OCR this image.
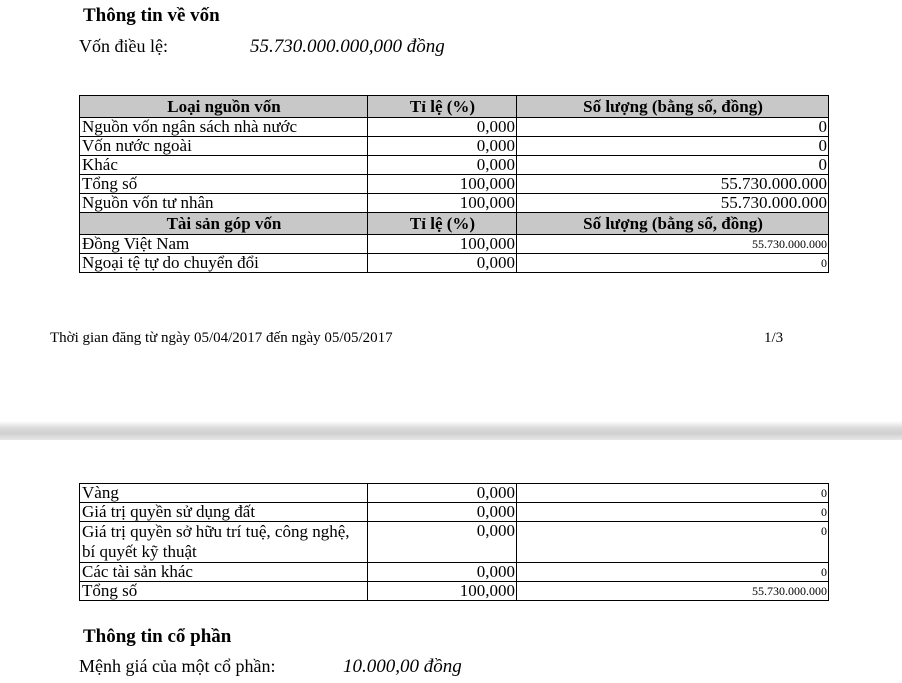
Thông tin về vốn
Vốn điều lệ:	55.730.000.000,000 đồng
Loại nguồn vốn	Tỉ lệ (%)	Số lượng (bằng số, đồng)
Nguồn vốn ngân sách nhà nước	0,000	0
Vốn nước ngoài	0,000	0
Khác	0,000	0
Tổng số	100,000	55.730.000.000
Nguồn vốn tư nhân	100,000	55.730.000.000
Tài sản góp vốn	Tỉ lệ (%)	Số lượng (bằng số, đồng)
Đồng Việt Nam	100,000	55.730.000.000
Ngoại tệ tự do chuyển đổi	0,000	0
Thời gian đăng từ ngày 05/04/2017 đến ngày 05/05/2017	1/3
Vàng	0,000	0
Giá trị quyền sử dụng đất	0,000	0
Giá trị quyền sở hữu trí tuệ, công nghệ, bí quyết kỹ thuật	0,000	0
Các tài sản khác	0,000	0
Tổng số	100,000	55.730.000.000
Thông tin cổ phần
Mệnh giá của một cổ phần:	10.000,00 đồng
